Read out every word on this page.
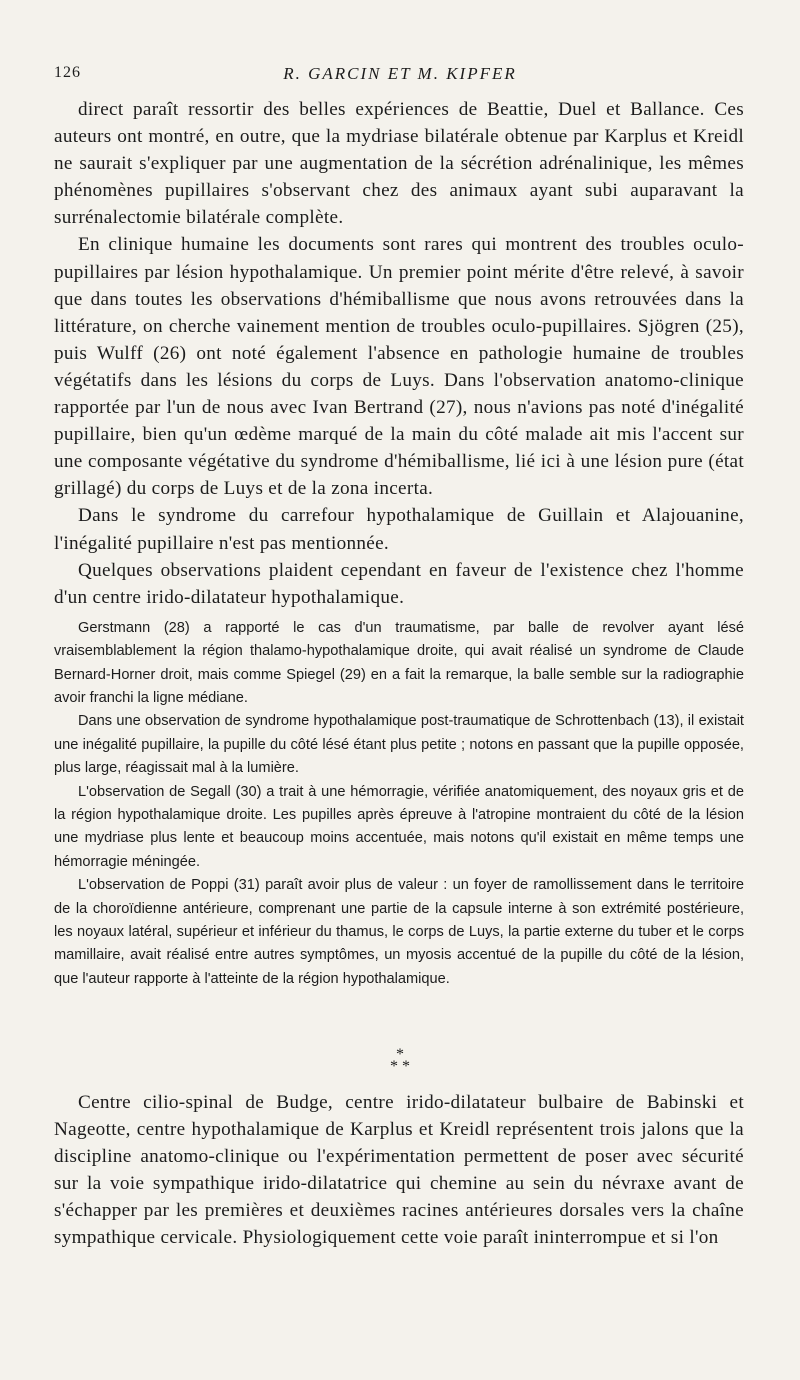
126	R. GARCIN ET M. KIPFER

direct paraît ressortir des belles expériences de Beattie, Duel et Ballance. Ces auteurs ont montré, en outre, que la mydriase bilatérale obtenue par Karplus et Kreidl ne saurait s'expliquer par une augmentation de la sécrétion adrénalinique, les mêmes phénomènes pupillaires s'observant chez des animaux ayant subi auparavant la surrénalectomie bilatérale complète.

En clinique humaine les documents sont rares qui montrent des troubles oculo-pupillaires par lésion hypothalamique. Un premier point mérite d'être relevé, à savoir que dans toutes les observations d'hémiballisme que nous avons retrouvées dans la littérature, on cherche vainement mention de troubles oculo-pupillaires. Sjögren (25), puis Wulff (26) ont noté également l'absence en pathologie humaine de troubles végétatifs dans les lésions du corps de Luys. Dans l'observation anatomo-clinique rapportée par l'un de nous avec Ivan Bertrand (27), nous n'avions pas noté d'inégalité pupillaire, bien qu'un œdème marqué de la main du côté malade ait mis l'accent sur une composante végétative du syndrome d'hémiballisme, lié ici à une lésion pure (état grillagé) du corps de Luys et de la zona incerta.

Dans le syndrome du carrefour hypothalamique de Guillain et Alajouanine, l'inégalité pupillaire n'est pas mentionnée.

Quelques observations plaident cependant en faveur de l'existence chez l'homme d'un centre irido-dilatateur hypothalamique.

Gerstmann (28) a rapporté le cas d'un traumatisme, par balle de revolver ayant lésé vraisemblablement la région thalamo-hypothalamique droite, qui avait réalisé un syndrome de Claude Bernard-Horner droit, mais comme Spiegel (29) en a fait la remarque, la balle semble sur la radiographie avoir franchi la ligne médiane.

Dans une observation de syndrome hypothalamique post-traumatique de Schrottenbach (13), il existait une inégalité pupillaire, la pupille du côté lésé étant plus petite ; notons en passant que la pupille opposée, plus large, réagissait mal à la lumière.

L'observation de Segall (30) a trait à une hémorragie, vérifiée anatomiquement, des noyaux gris et de la région hypothalamique droite. Les pupilles après épreuve à l'atropine montraient du côté de la lésion une mydriase plus lente et beaucoup moins accentuée, mais notons qu'il existait en même temps une hémorragie méningée.

L'observation de Poppi (31) paraît avoir plus de valeur : un foyer de ramollissement dans le territoire de la choroïdienne antérieure, comprenant une partie de la capsule interne à son extrémité postérieure, les noyaux latéral, supérieur et inférieur du thamus, le corps de Luys, la partie externe du tuber et le corps mamillaire, avait réalisé entre autres symptômes, un myosis accentué de la pupille du côté de la lésion, que l'auteur rapporte à l'atteinte de la région hypothalamique.

*
* *

Centre cilio-spinal de Budge, centre irido-dilatateur bulbaire de Babinski et Nageotte, centre hypothalamique de Karplus et Kreidl représentent trois jalons que la discipline anatomo-clinique ou l'expérimentation permettent de poser avec sécurité sur la voie sympathique irido-dilatatrice qui chemine au sein du névraxe avant de s'échapper par les premières et deuxièmes racines antérieures dorsales vers la chaîne sympathique cervicale. Physiologiquement cette voie paraît ininterrompue et si l'on
